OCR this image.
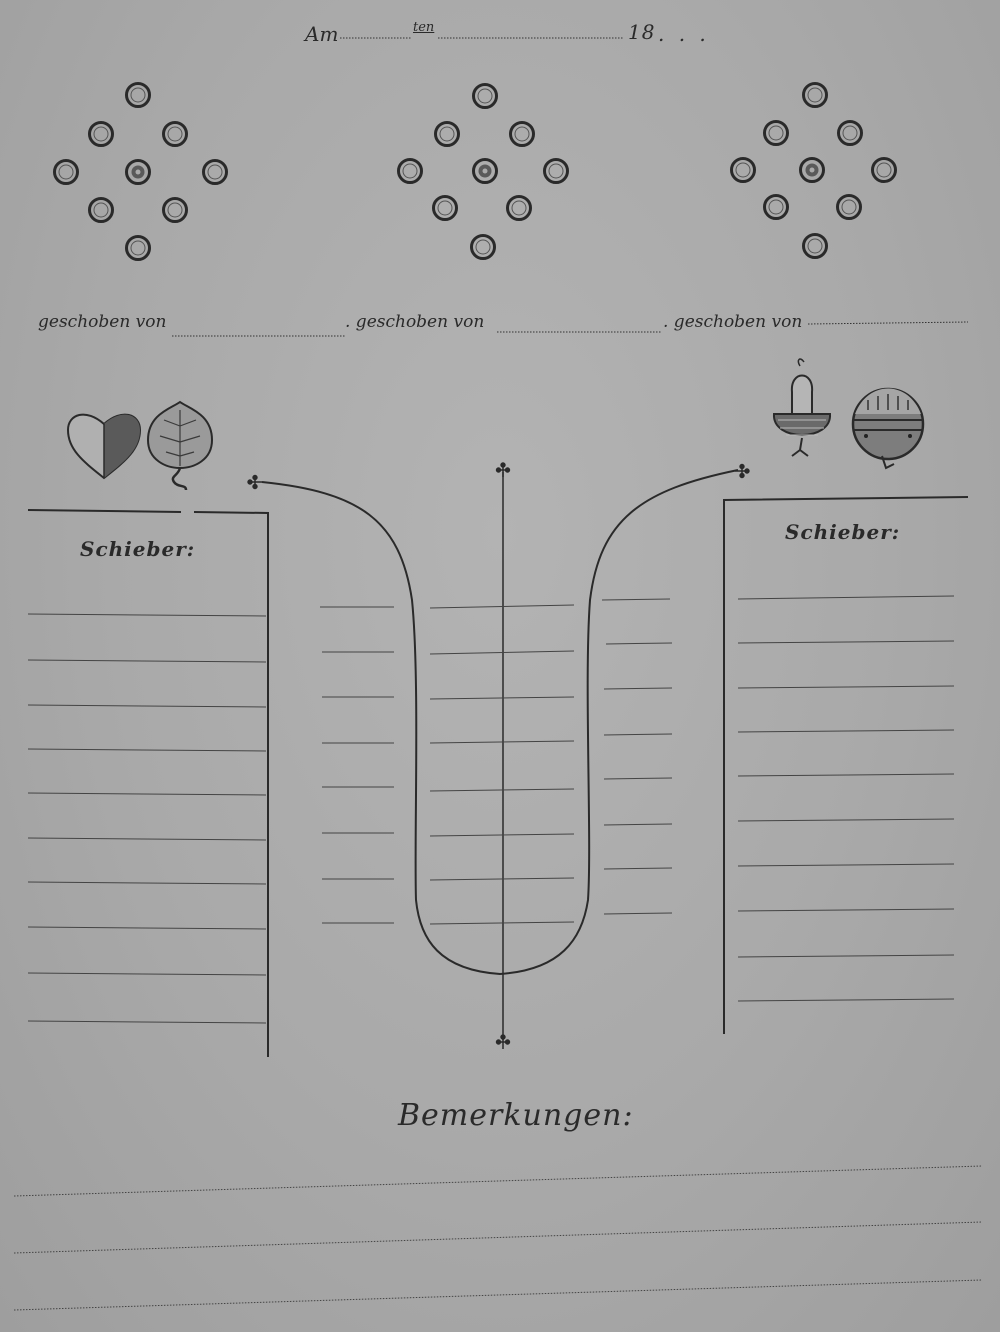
Am	ten	18 . . .
geschoben von	. geschoben von	. geschoben von
Schieber:
Schieber:
Bemerkungen:
